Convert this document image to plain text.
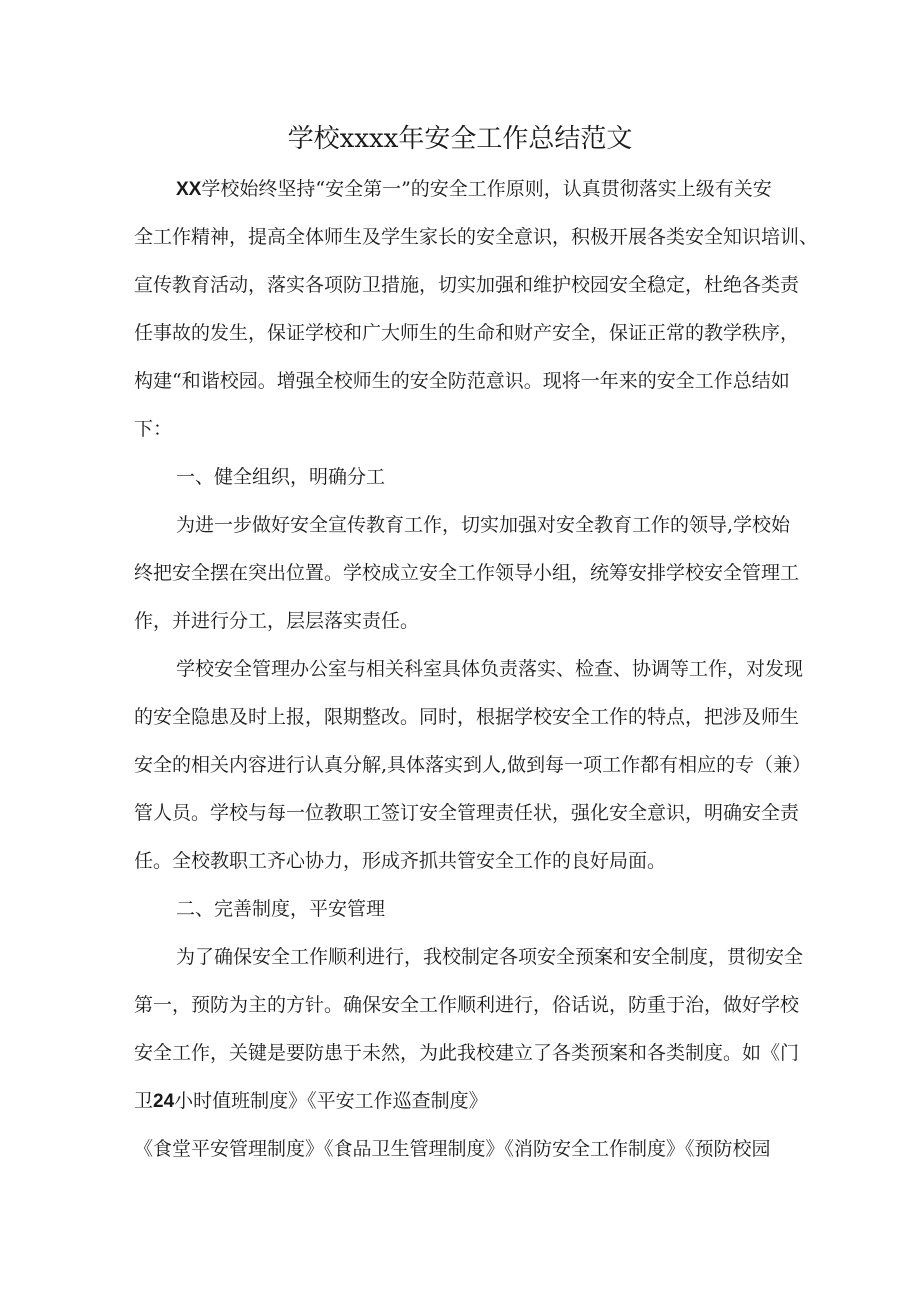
学校xxxx年安全工作总结范文
XX学校始终坚持“安全第一”的安全工作原则，认真贯彻落实上级有关安
全工作精神，提高全体师生及学生家长的安全意识，积极开展各类安全知识培训、
宣传教育活动，落实各项防卫措施，切实加强和维护校园安全稳定，杜绝各类责
任事故的发生，保证学校和广大师生的生命和财产安全，保证正常的教学秩序，
构建“和谐校园。增强全校师生的安全防范意识。现将一年来的安全工作总结如
下：
一、健全组织，明确分工
为进一步做好安全宣传教育工作，切实加强对安全教育工作的领导,学校始
终把安全摆在突出位置。学校成立安全工作领导小组，统筹安排学校安全管理工
作，并进行分工，层层落实责任。
学校安全管理办公室与相关科室具体负责落实、检查、协调等工作，对发现
的安全隐患及时上报，限期整改。同时，根据学校安全工作的特点，把涉及师生
安全的相关内容进行认真分解,具体落实到人,做到每一项工作都有相应的专（兼）
管人员。学校与每一位教职工签订安全管理责任状，强化安全意识，明确安全责
任。全校教职工齐心协力，形成齐抓共管安全工作的良好局面。
二、完善制度，平安管理
为了确保安全工作顺利进行，我校制定各项安全预案和安全制度，贯彻安全
第一，预防为主的方针。确保安全工作顺利进行，俗话说，防重于治，做好学校
安全工作，关键是要防患于未然，为此我校建立了各类预案和各类制度。如《门
卫24小时值班制度》《平安工作巡查制度》
《食堂平安管理制度》《食品卫生管理制度》《消防安全工作制度》《预防校园
